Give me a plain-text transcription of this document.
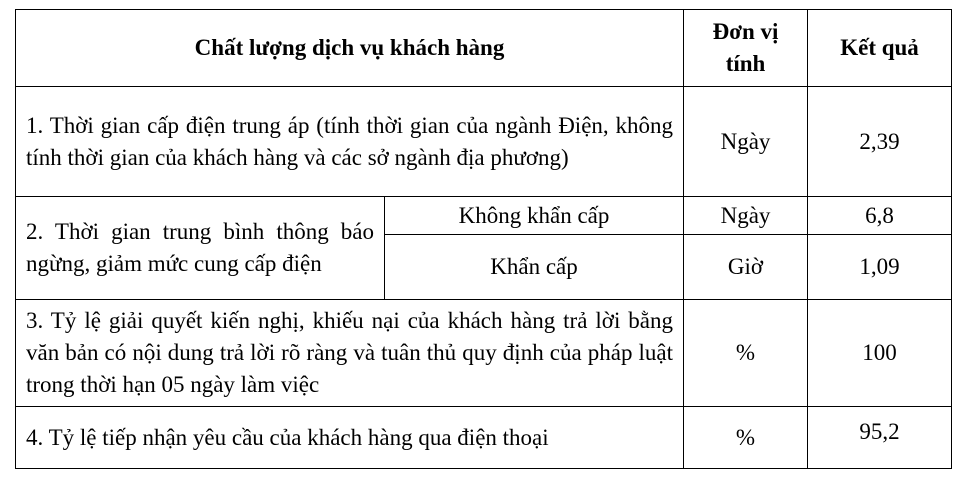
Chất lượng dịch vụ khách hàng		Đơn vị tính	Kết quả
1. Thời gian cấp điện trung áp (tính thời gian của ngành Điện, không tính thời gian của khách hàng và các sở ngành địa phương)		Ngày	2,39
2. Thời gian trung bình thông báo ngừng, giảm mức cung cấp điện	Không khẩn cấp	Ngày	6,8
	Khẩn cấp	Giờ	1,09
3. Tỷ lệ giải quyết kiến nghị, khiếu nại của khách hàng trả lời bằng văn bản có nội dung trả lời rõ ràng và tuân thủ quy định của pháp luật trong thời hạn 05 ngày làm việc		%	100
4. Tỷ lệ tiếp nhận yêu cầu của khách hàng qua điện thoại		%	95,2
